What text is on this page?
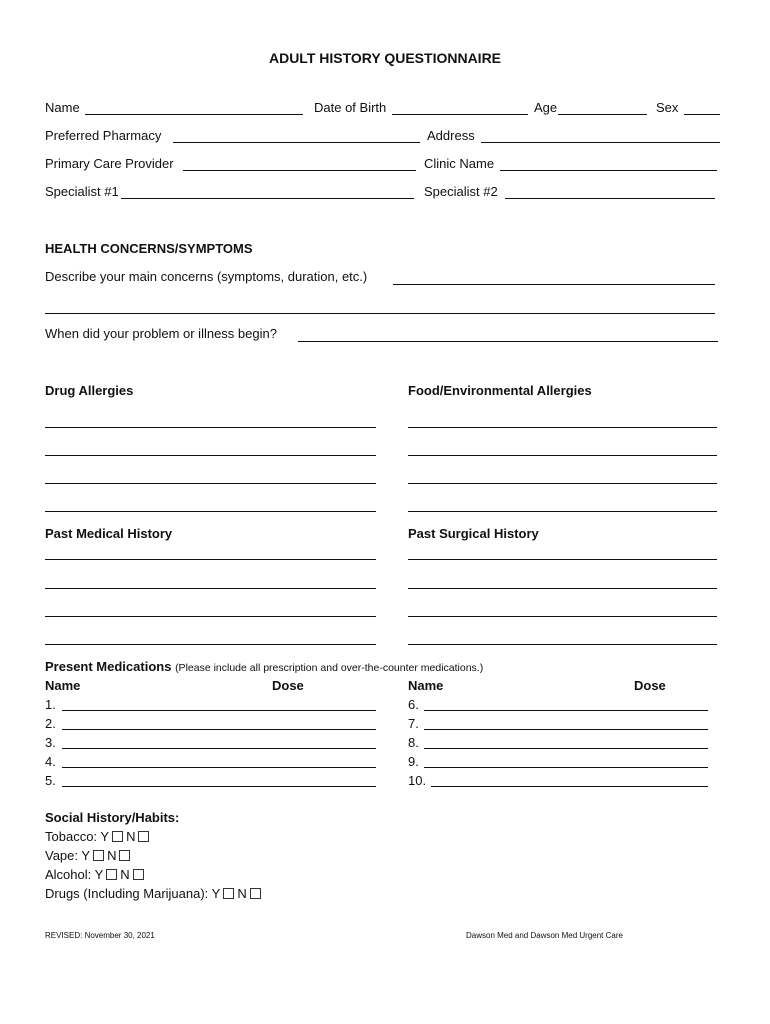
ADULT HISTORY QUESTIONNAIRE
Name	Date of Birth	Age	Sex
Preferred Pharmacy	Address
Primary Care Provider	Clinic Name
Specialist #1	Specialist #2
HEALTH CONCERNS/SYMPTOMS
Describe your main concerns (symptoms, duration, etc.)
When did your problem or illness begin?
Drug Allergies	Food/Environmental Allergies
Past Medical History	Past Surgical History
Present Medications (Please include all prescription and over-the-counter medications.)
Name	Dose	Name	Dose
1.
2.
3.
4.
5.
6.
7.
8.
9.
10.
Social History/Habits:
Tobacco: Y N
Vape: Y N
Alcohol: Y N
Drugs (Including Marijuana): Y N
REVISED: November 30, 2021	Dawson Med and Dawson Med Urgent Care
